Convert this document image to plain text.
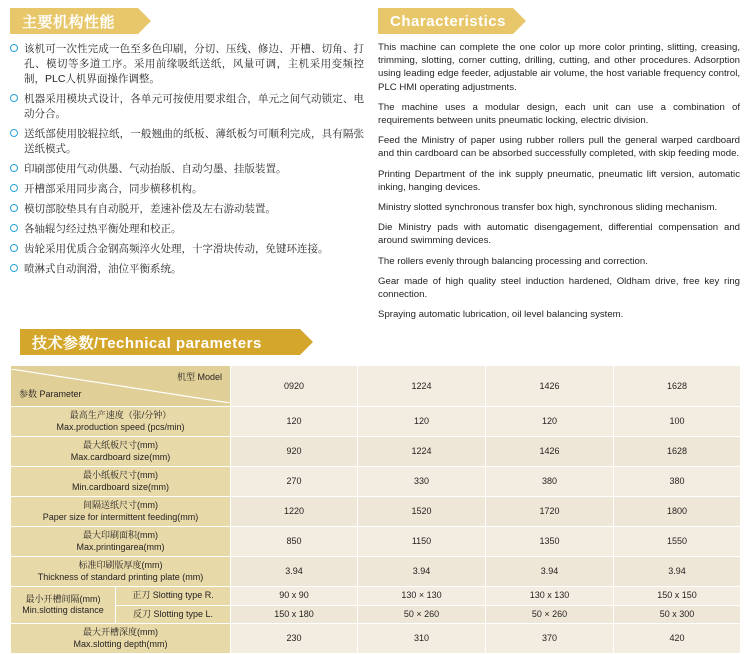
主要机构性能
该机可一次性完成一色至多色印刷，分切、压线、修边、开槽、切角、打孔、模切等多道工序。采用前缘吸纸送纸，风量可调，主机采用变频控制，PLC人机界面操作调整。
机器采用模块式设计，各单元可按使用要求组合，单元之间气动锁定、电动分合。
送纸部使用胶辊拉纸，一般翘曲的纸板、薄纸板匀可顺利完成，具有隔张送纸模式。
印刷部使用气动供墨、气动抬版、自动匀墨、挂版装置。
开槽部采用同步离合，同步横移机构。
模切部胶垫具有自动脱开，差速补偿及左右游动装置。
各轴辊匀经过热平衡处理和校正。
齿轮采用优质合金钢高频淬火处理，十字滑块传动，免键环连接。
喷淋式自动润滑，油位平衡系统。
Characteristics

This machine can complete the one color up more color printing, slitting, creasing, trimming, slotting, corner cutting, drilling, cutting, and other procedures. Adsorption using leading edge feeder, adjustable air volume, the host variable frequency control, PLC HMI operating adjustments.

The machine uses a modular design, each unit can use a combination of requirements between units pneumatic locking, electric division.

Feed the Ministry of paper using rubber rollers pull the general warped cardboard and thin cardboard can be absorbed successfully completed, with skip feeding mode.

Printing Department of the ink supply pneumatic, pneumatic lift version, automatic inking, hanging devices.

Ministry slotted synchronous transfer box high, synchronous sliding mechanism.

Die Ministry pads with automatic disengagement, differential compensation and around swimming devices.

The rollers evenly through balancing processing and correction.

Gear made of high quality steel induction hardened, Oldham drive, free key ring connection.

Spraying automatic lubrication, oil level balancing system.

技术参数/Technical parameters
机型 Model
参数 Parameter		0920	1224	1426	1628

最高生产速度（张/分钟）
Max.production speed (pcs/min)		120	120	120	100

最大纸板尺寸(mm)
Max.cardboard size(mm)		920	1224	1426	1628

最小纸板尺寸(mm)
Min.cardboard size(mm)		270	330	380	380

间隔送纸尺寸(mm)
Paper size for intermittent feeding(mm)		1220	1520	1720	1800

最大印刷面积(mm)
Max.printingarea(mm)		850	1150	1350	1550

标准印刷版厚度(mm)
Thickness of standard printing plate (mm)		3.94	3.94	3.94	3.94

最小开槽间隔(mm)
Min.slotting distance	正刀 Slotting type R.	90 x 90	130 × 130	130 x 130	150 x 150
	反刀 Slotting type L.	150 x 180	50 × 260	50 × 260	50 x 300

最大开槽深度(mm)
Max.slotting depth(mm)		230	310	370	420
